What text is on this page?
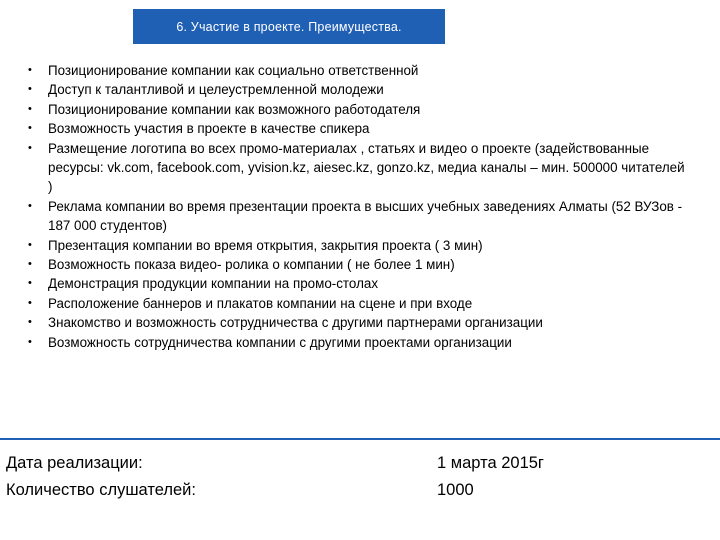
6. Участие в проекте. Преимущества.
•	Позиционирование компании как социально ответственной
•	Доступ к талантливой и целеустремленной молодежи
•	Позиционирование компании как возможного работодателя
•	Возможность участия в проекте в качестве спикера
•	Размещение логотипа во всех промо-материалах , статьях и видео о проекте (задействованные ресурсы: vk.com, facebook.com, yvision.kz, aiesec.kz, gonzo.kz, медиа каналы – мин. 500000 читателей )
•	Реклама компании во время презентации проекта в высших учебных заведениях Алматы (52 ВУЗов - 187 000 студентов)
•	Презентация компании во время открытия, закрытия проекта ( 3 мин)
•	Возможность показа видео- ролика о компании ( не более 1 мин)
•	Демонстрация продукции компании на промо-столах
•	Расположение баннеров и плакатов компании на сцене и при входе
•	Знакомство и возможность сотрудничества с другими партнерами организации
•	Возможность сотрудничества компании с другими проектами организации
Дата реализации:	1 марта 2015г
Количество слушателей:	1000
